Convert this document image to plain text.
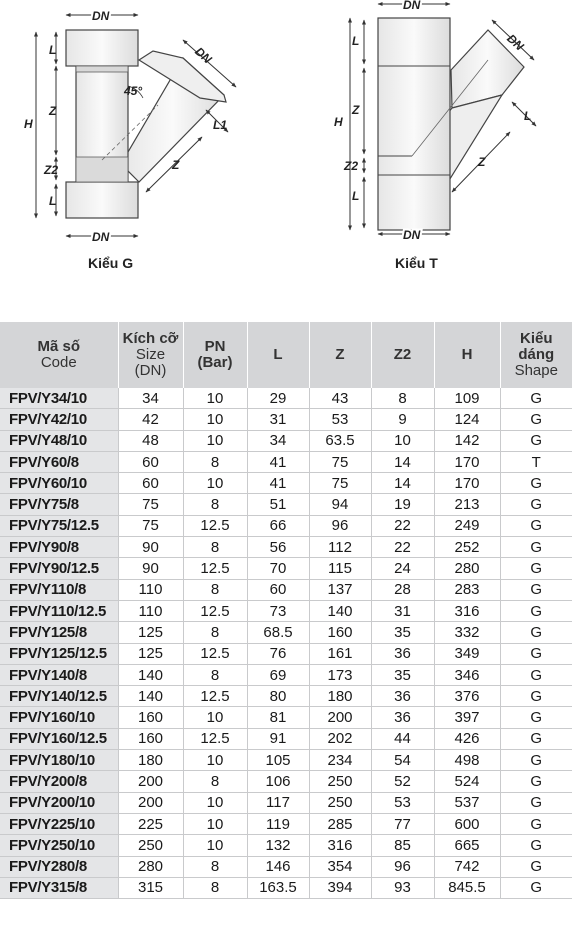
DN
DN
L
Z
H
45°
L1
Z
Z2
L
DN
DN
DN
L
Z
H	L
Z
Z2
L
DN
Kiểu G	Kiểu T
Mã số
Code	Kích cỡ
Size
(DN)	PN
(Bar)	L	Z	Z2	H	Kiểu
dáng
Shape

FPV/Y34/10	34	10	29	43	8	109	G
FPV/Y42/10	42	10	31	53	9	124	G
FPV/Y48/10	48	10	34	63.5	10	142	G
FPV/Y60/8	60	8	41	75	14	170	T
FPV/Y60/10	60	10	41	75	14	170	G
FPV/Y75/8	75	8	51	94	19	213	G
FPV/Y75/12.5	75	12.5	66	96	22	249	G
FPV/Y90/8	90	8	56	112	22	252	G
FPV/Y90/12.5	90	12.5	70	115	24	280	G
FPV/Y110/8	110	8	60	137	28	283	G
FPV/Y110/12.5	110	12.5	73	140	31	316	G
FPV/Y125/8	125	8	68.5	160	35	332	G
FPV/Y125/12.5	125	12.5	76	161	36	349	G
FPV/Y140/8	140	8	69	173	35	346	G
FPV/Y140/12.5	140	12.5	80	180	36	376	G
FPV/Y160/10	160	10	81	200	36	397	G
FPV/Y160/12.5	160	12.5	91	202	44	426	G
FPV/Y180/10	180	10	105	234	54	498	G
FPV/Y200/8	200	8	106	250	52	524	G
FPV/Y200/10	200	10	117	250	53	537	G
FPV/Y225/10	225	10	119	285	77	600	G
FPV/Y250/10	250	10	132	316	85	665	G
FPV/Y280/8	280	8	146	354	96	742	G
FPV/Y315/8	315	8	163.5	394	93	845.5	G
